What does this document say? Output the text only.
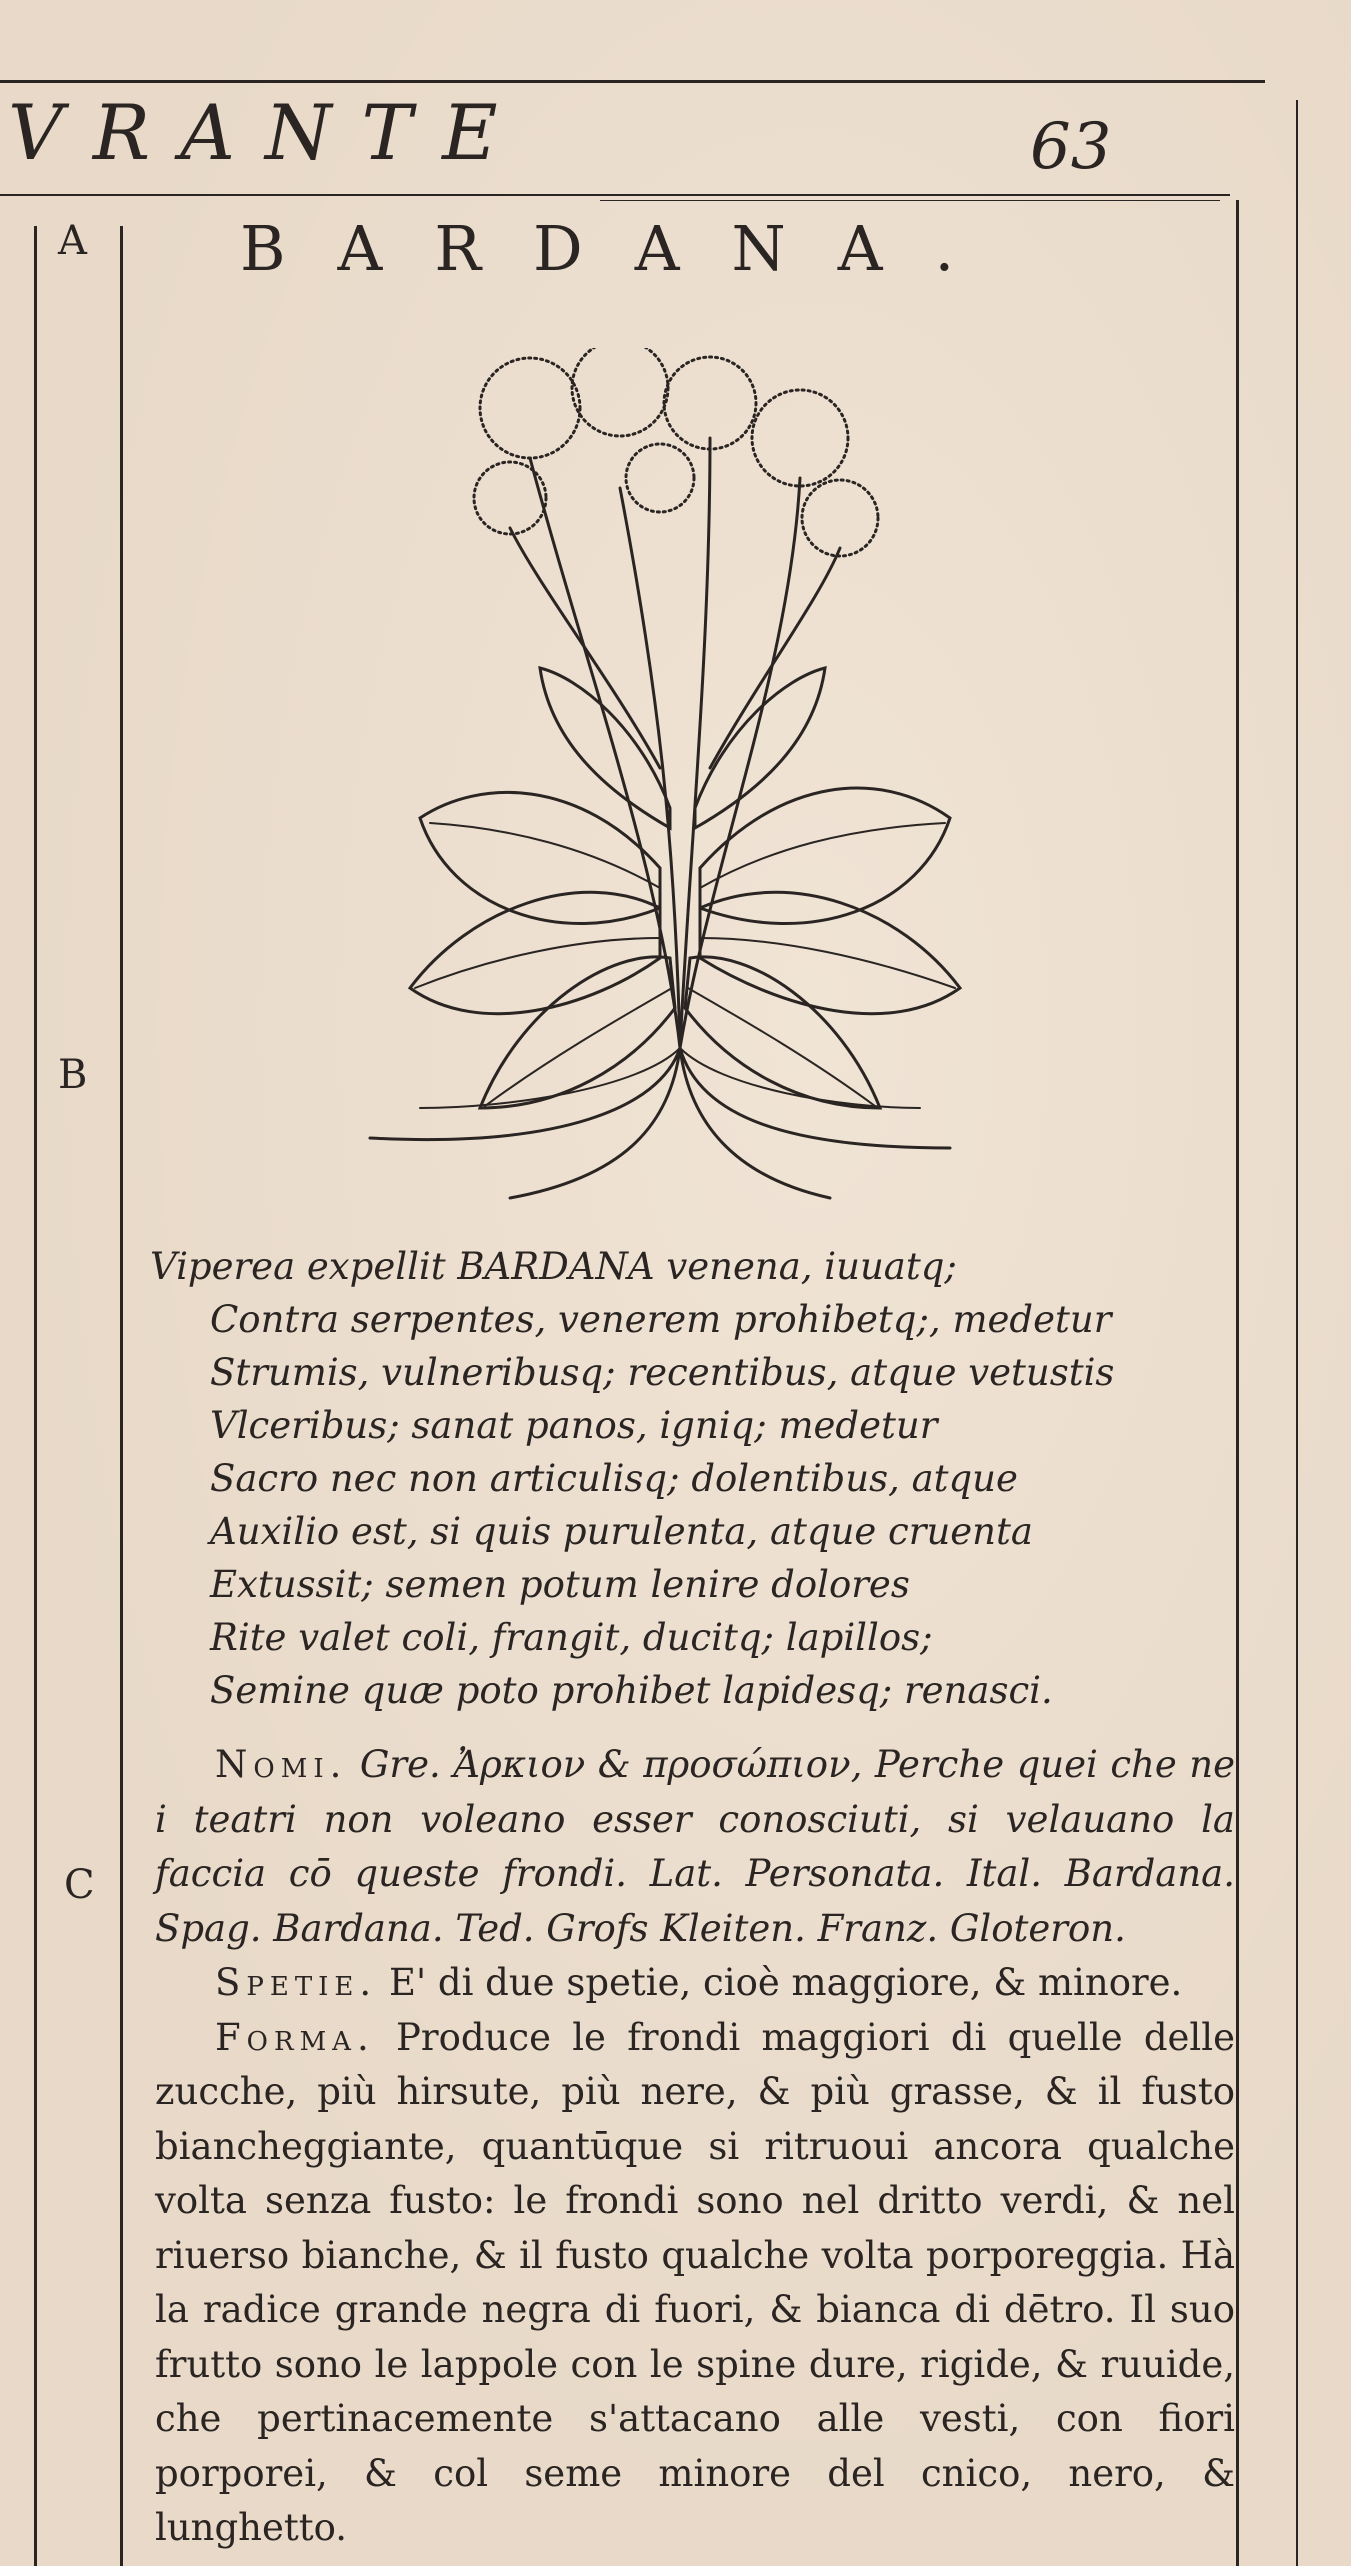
VRANTE	63
A
B
C
BARDANA.
Viperea expellit BARDANA venena, iuuatq;
Contra serpentes, venerem prohibetq;, medetur
Strumis, vulneribusq; recentibus, atque vetustis
Vlceribus; sanat panos, igniq; medetur
Sacro nec non articulisq; dolentibus, atque
Auxilio est, si quis purulenta, atque cruenta
Extussit; semen potum lenire dolores
Rite valet coli, frangit, ducitq; lapillos;
Semine quæ poto prohibet lapidesq; renasci.

Nomi. Gre. Ἀρκιον & προσώπιον, Perche quei che ne i teatri non voleano esser conosciuti, si velauano la faccia cō queste frondi. Lat. Personata. Ital. Bardana. Spag. Bardana. Ted. Grofs Kleiten. Franz. Gloteron.

Spetie. E' di due spetie, cioè maggiore, & minore.

Forma. Produce le frondi maggiori di quelle delle zucche, più hirsute, più nere, & più grasse, & il fusto biancheggiante, quantūque si ritruoui ancora qualche volta senza fusto: le frondi sono nel dritto verdi, & nel riuerso bianche, & il fusto qualche volta porporeggia. Hà la radice grande negra di fuori, & bianca di dētro. Il suo frutto sono le lappole con le spine dure, rigide, & ruuide, che pertinacemente s'attacano alle vesti, con fiori porporei, & col seme minore del cnico, nero, & lunghetto.
